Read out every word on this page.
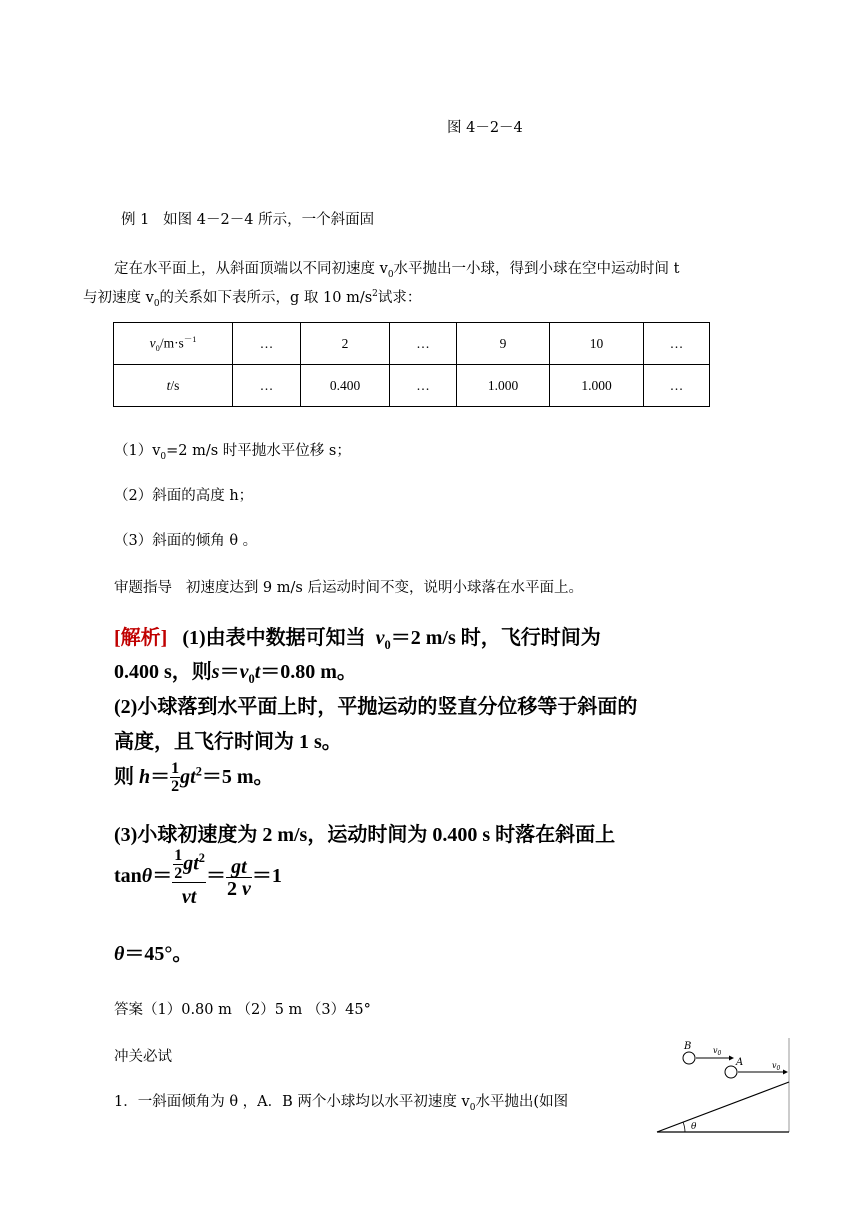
图 4－2－4
例 1 如图 4－2－4 所示，一个斜面固
定在水平面上，从斜面顶端以不同初速度 $v_0$水平抛出一小球，得到小球在空中运动时间 t
与初速度 $v_0$的关系如下表所示，g 取 10 $m/s^2$试求：
$v_0/m\cdot s^{-1}$	…	2	…	9	10	…
t/s	…	0.400	…	1.000	1.000	…
$(1)v_0=2$ m/s 时平抛水平位移 s；
（2）斜面的高度 h；
（3）斜面的倾角 θ 。
审题指导 初速度达到 9 m/s 后运动时间不变，说明小球落在水平面上。
[解析] (1)由表中数据可知当 $v_0=2$ m/s 时，飞行时间为
0.400 s，则$s=v_0t=0.80$ m。
(2)小球落到水平面上时，平抛运动的竖直分位移等于斜面的
高度，且飞行时间为 1 s。
则 $h= \frac{1}{2} gt^2=5$ m。
(3)小球初速度为 2 m/s，运动时间为 0.400 s 时落在斜面上
$\tan\theta= \frac{\frac{1}{2} gt^2}{vt} = \frac{gt}{2 v} =1$
θ＝45°。
答案（1）0.80 m （2）5 m （3）45°
冲关必试
1．一斜面倾角为 θ ，A．B 两个小球均以水平初速度 $v_0$水平抛出(如图
θ
B	$v_0$
A	$v_0$
